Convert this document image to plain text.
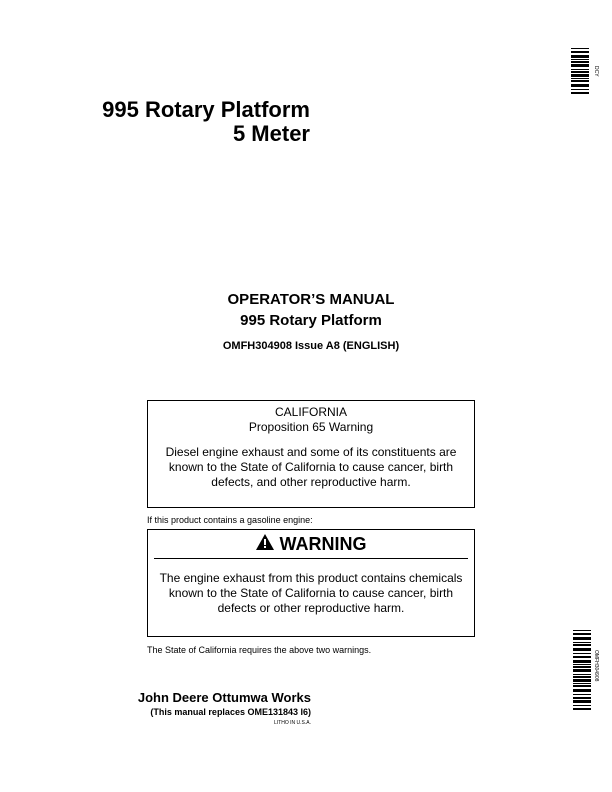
995 Rotary Platform
5 Meter
OPERATOR’S MANUAL
995 Rotary Platform
OMFH304908 Issue A8 (ENGLISH)
CALIFORNIA
Proposition 65 Warning
Diesel engine exhaust and some of its constituents are known to the State of California to cause cancer, birth defects, and other reproductive harm.
If this product contains a gasoline engine:
WARNING
The engine exhaust from this product contains chemicals known to the State of California to cause cancer, birth defects or other reproductive harm.
The State of California requires the above two warnings.
John Deere Ottumwa Works
(This manual replaces OME131843 I6)
LITHO IN U.S.A.
DCY
OMFH304908
